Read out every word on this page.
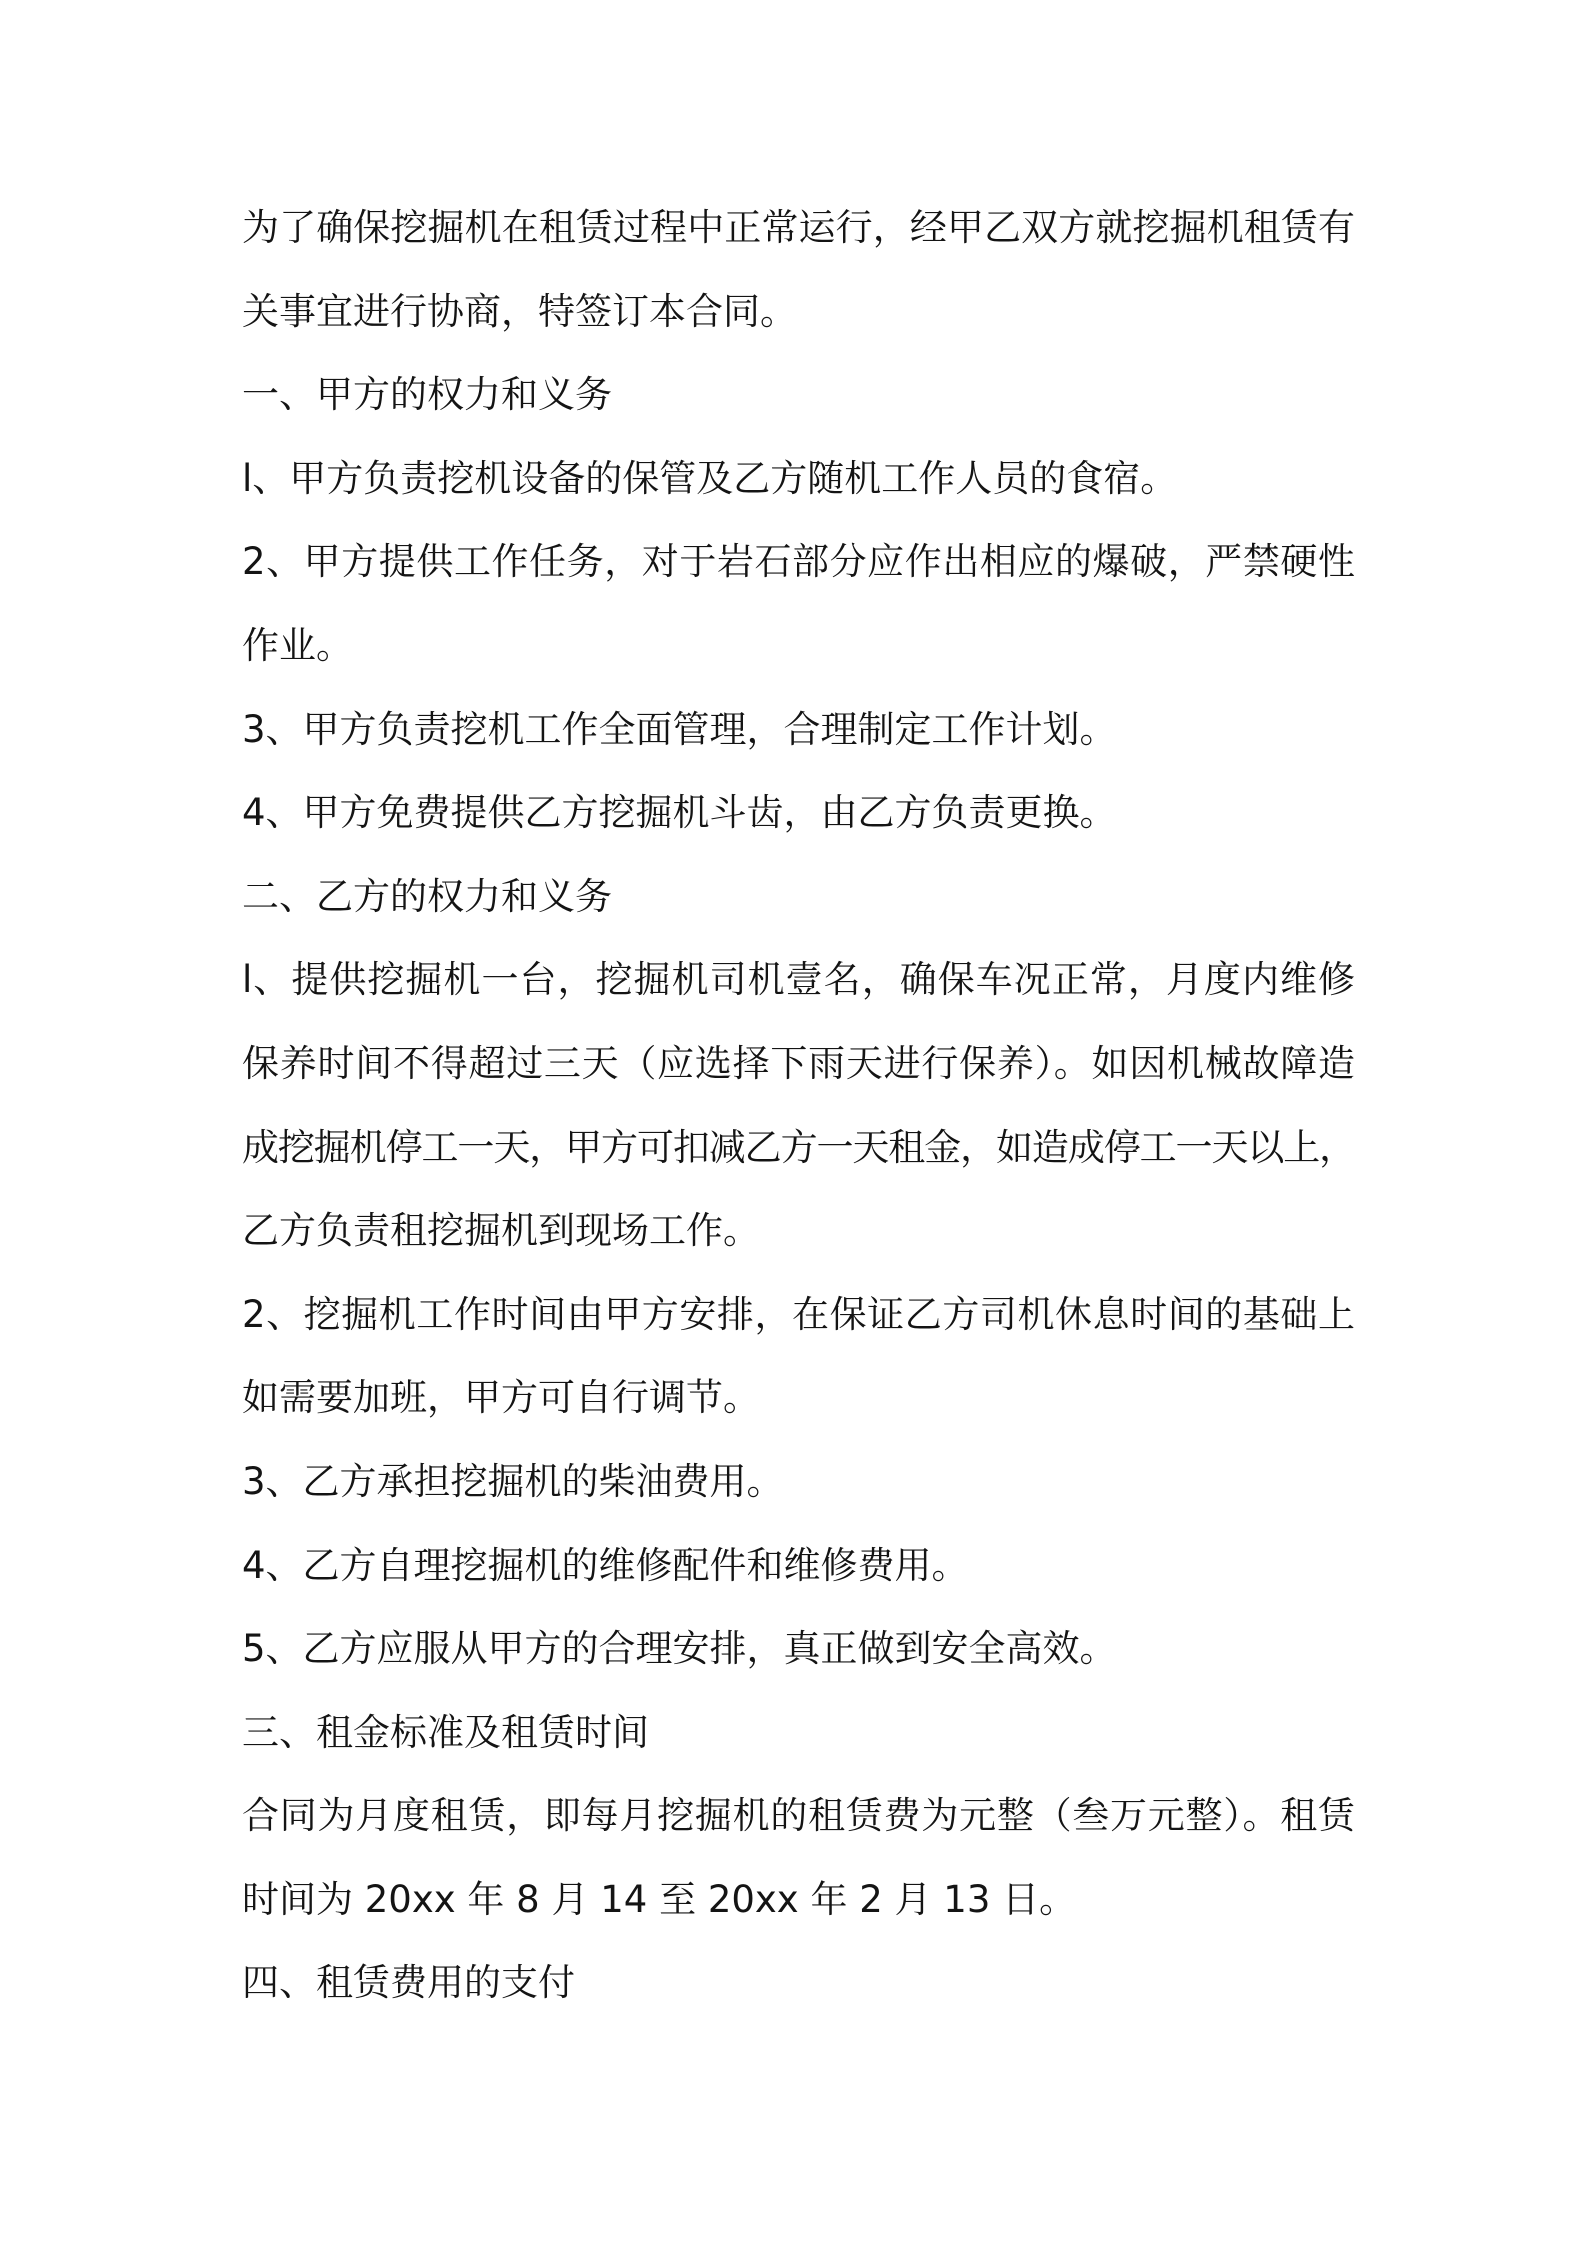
为了确保挖掘机在租赁过程中正常运行，经甲乙双方就挖掘机租赁有
关事宜进行协商，特签订本合同。
一、甲方的权力和义务
l、甲方负责挖机设备的保管及乙方随机工作人员的食宿。
2、甲方提供工作任务，对于岩石部分应作出相应的爆破，严禁硬性
作业。
3、甲方负责挖机工作全面管理，合理制定工作计划。
4、甲方免费提供乙方挖掘机斗齿，由乙方负责更换。
二、乙方的权力和义务
l、提供挖掘机一台，挖掘机司机壹名，确保车况正常，月度内维修
保养时间不得超过三天（应选择下雨天进行保养）。如因机械故障造
成挖掘机停工一天，甲方可扣减乙方一天租金，如造成停工一天以上，
乙方负责租挖掘机到现场工作。
2、挖掘机工作时间由甲方安排，在保证乙方司机休息时间的基础上
如需要加班，甲方可自行调节。
3、乙方承担挖掘机的柴油费用。
4、乙方自理挖掘机的维修配件和维修费用。
5、乙方应服从甲方的合理安排，真正做到安全高效。
三、租金标准及租赁时间
合同为月度租赁，即每月挖掘机的租赁费为元整（叁万元整）。租赁
时间为 20xx 年 8 月 14 至 20xx 年 2 月 13 日。
四、租赁费用的支付
